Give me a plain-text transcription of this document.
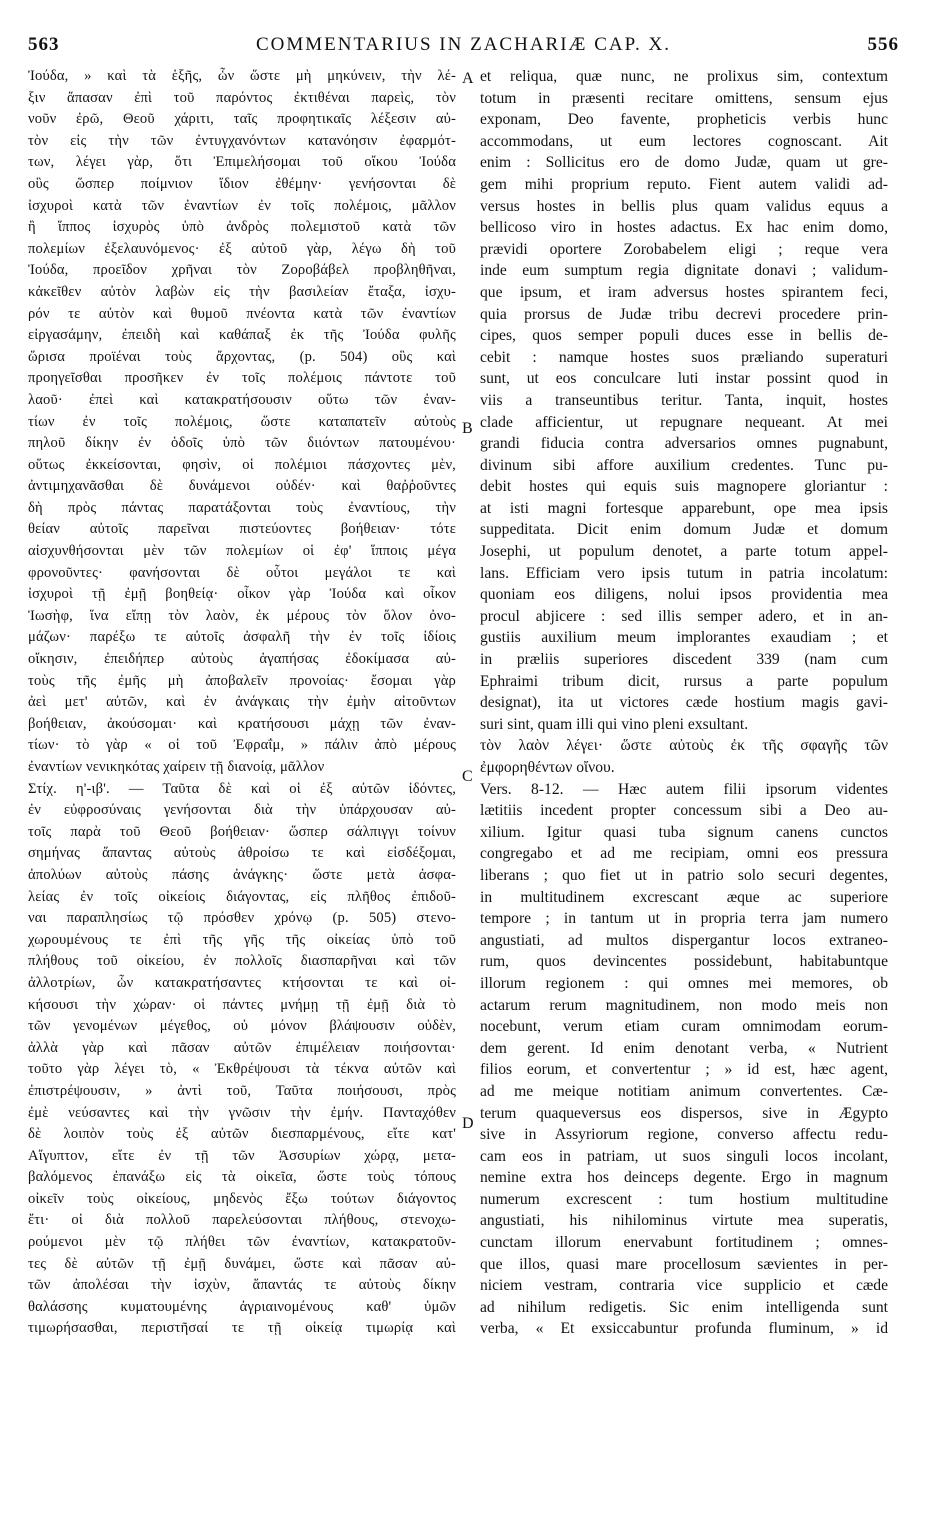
563	COMMENTARIUS IN ZACHARIÆ CAP. X.	556
Ἰούδα, » καὶ τὰ ἑξῆς, ὧν ὥστε μὴ μηκύνειν, τὴν λέ-
ξιν ἅπασαν ἐπὶ τοῦ παρόντος ἐκτιθέναι παρεὶς, τὸν
νοῦν ἐρῶ, Θεοῦ χάριτι, ταῖς προφητικαῖς λέξεσιν αὐ-
τὸν εἰς τὴν τῶν ἐντυγχανόντων κατανόησιν ἐφαρμότ-
των, λέγει γὰρ, ὅτι Ἐπιμελήσομαι τοῦ οἴκου Ἰούδα
οὓς ὥσπερ ποίμνιον ἴδιον ἐθέμην· γενήσονται δὲ
ἰσχυροὶ κατὰ τῶν ἐναντίων ἐν τοῖς πολέμοις, μᾶλλον
ἢ ἵππος ἰσχυρὸς ὑπὸ ἀνδρὸς πολεμιστοῦ κατὰ τῶν
πολεμίων ἐξελαυνόμενος· ἐξ αὐτοῦ γὰρ, λέγω δὴ τοῦ
Ἰούδα, προεῖδον χρῆναι τὸν Ζοροβάβελ προβληθῆναι,
κἀκεῖθεν αὐτὸν λαβὼν εἰς τὴν βασιλείαν ἔταξα, ἰσχυ-
ρόν τε αὐτὸν καὶ θυμοῦ πνέοντα κατὰ τῶν ἐναντίων
εἰργασάμην, ἐπειδὴ καὶ καθάπαξ ἐκ τῆς Ἰούδα φυλῆς
ὥρισα προϊέναι τοὺς ἄρχοντας, (p. 504) οὓς καὶ
προηγεῖσθαι προσῆκεν ἐν τοῖς πολέμοις πάντοτε τοῦ
λαοῦ· ἐπεὶ καὶ κατακρατήσουσιν οὕτω τῶν ἐναν-
τίων ἐν τοῖς πολέμοις, ὥστε καταπατεῖν αὐτοὺς
πηλοῦ δίκην ἐν ὁδοῖς ὑπὸ τῶν διιόντων πατουμένου·
οὕτως ἐκκείσονται, φησὶν, οἱ πολέμιοι πάσχοντες μὲν,
ἀντιμηχανᾶσθαι δὲ δυνάμενοι οὐδέν· καὶ θαῤῥοῦντες
δὴ πρὸς πάντας παρατάξονται τοὺς ἐναντίους, τὴν
θείαν αὐτοῖς παρεῖναι πιστεύοντες βοήθειαν· τότε
αἰσχυνθήσονται μὲν τῶν πολεμίων οἱ ἐφ' ἵπποις μέγα
φρονοῦντες· φανήσονται δὲ οὗτοι μεγάλοι τε καὶ
ἰσχυροὶ τῇ ἐμῇ βοηθείᾳ· οἶκον γὰρ Ἰούδα καὶ οἶκον
Ἰωσὴφ, ἵνα εἴπῃ τὸν λαὸν, ἐκ μέρους τὸν ὅλον ὀνο-
μάζων· παρέξω τε αὐτοῖς ἀσφαλῆ τὴν ἐν τοῖς ἰδίοις
οἴκησιν, ἐπειδήπερ αὐτοὺς ἀγαπήσας ἐδοκίμασα αὐ-
τοὺς τῆς ἐμῆς μὴ ἀποβαλεῖν προνοίας· ἔσομαι γὰρ
ἀεὶ μετ' αὐτῶν, καὶ ἐν ἀνάγκαις τὴν ἐμὴν αἰτοῦντων
βοήθειαν, ἀκούσομαι· καὶ κρατήσουσι μάχῃ τῶν ἐναν-
τίων· τὸ γὰρ « οἱ τοῦ Ἐφραΐμ, » πάλιν ἀπὸ μέρους
ἐναντίων νενικηκότας χαίρειν τῇ διανοίᾳ, μᾶλλον
Στίχ. η'-ιβ'. — Ταῦτα δὲ καὶ οἱ ἐξ αὐτῶν ἰδόντες,
ἐν εὐφροσύναις γενήσονται διὰ τὴν ὑπάρχουσαν αὐ-
τοῖς παρὰ τοῦ Θεοῦ βοήθειαν· ὥσπερ σάλπιγγι τοίνυν
σημήνας ἅπαντας αὐτοὺς ἀθροίσω τε καὶ εἰσδέξομαι,
ἀπολύων αὐτοὺς πάσης ἀνάγκης· ὥστε μετὰ ἀσφα-
λείας ἐν τοῖς οἰκείοις διάγοντας, εἰς πλῆθος ἐπιδοῦ-
ναι παραπλησίως τῷ πρόσθεν χρόνῳ (p. 505) στενο-
χωρουμένους τε ἐπὶ τῆς γῆς τῆς οἰκείας ὑπὸ τοῦ
πλήθους τοῦ οἰκείου, ἐν πολλοῖς διασπαρῆναι καὶ τῶν
ἀλλοτρίων, ὧν κατακρατήσαντες κτήσονται τε καὶ οἰ-
κήσουσι τὴν χώραν· οἱ πάντες μνήμῃ τῇ ἐμῇ διὰ τὸ
τῶν γενομένων μέγεθος, οὐ μόνον βλάψουσιν οὐδὲν,
ἀλλὰ γὰρ καὶ πᾶσαν αὐτῶν ἐπιμέλειαν ποιήσονται·
τοῦτο γὰρ λέγει τὸ, « Ἐκθρέψουσι τὰ τέκνα αὐτῶν καὶ
ἐπιστρέψουσιν, » ἀντὶ τοῦ, Ταῦτα ποιήσουσι, πρὸς
ἐμὲ νεύσαντες καὶ τὴν γνῶσιν τὴν ἐμήν. Πανταχόθεν
δὲ λοιπὸν τοὺς ἐξ αὐτῶν διεσπαρμένους, εἴτε κατ'
Αἴγυπτον, εἴτε ἐν τῇ τῶν Ἀσσυρίων χώρᾳ, μετα-
βαλόμενος ἐπανάξω εἰς τὰ οἰκεῖα, ὥστε τοὺς τόπους
οἰκεῖν τοὺς οἰκείους, μηδενὸς ἔξω τούτων διάγοντος
ἔτι· οἱ διὰ πολλοῦ παρελεύσονται πλήθους, στενοχω-
ρούμενοι μὲν τῷ πλήθει τῶν ἐναντίων, κατακρατοῦν-
τες δὲ αὐτῶν τῇ ἐμῇ δυνάμει, ὥστε καὶ πᾶσαν αὐ-
τῶν ἀπολέσαι τὴν ἰσχὺν, ἅπαντάς τε αὐτοὺς δίκην
θαλάσσης κυματουμένης ἀγριαινομένους καθ' ὑμῶν
τιμωρήσασθαι, περιστῆσαί τε τῇ οἰκείᾳ τιμωρίᾳ καὶ
et reliqua, quæ nunc, ne prolixus sim, contextum
totum in præsenti recitare omittens, sensum ejus
exponam, Deo favente, propheticis verbis hunc
accommodans, ut eum lectores cognoscant. Ait
enim : Sollicitus ero de domo Judæ, quam ut gre-
gem mihi proprium reputo. Fient autem validi ad-
versus hostes in bellis plus quam validus equus a
bellicoso viro in hostes adactus. Ex hac enim domo,
prævidi oportere Zorobabelem eligi ; reque vera
inde eum sumptum regia dignitate donavi ; validum-
que ipsum, et iram adversus hostes spirantem feci,
quia prorsus de Judæ tribu decrevi procedere prin-
cipes, quos semper populi duces esse in bellis de-
cebit : namque hostes suos præliando superaturi
sunt, ut eos conculcare luti instar possint quod in
viis a transeuntibus teritur. Tanta, inquit, hostes
clade afficientur, ut repugnare nequeant. At mei
grandi fiducia contra adversarios omnes pugnabunt,
divinum sibi affore auxilium credentes. Tunc pu-
debit hostes qui equis suis magnopere gloriantur :
at isti magni fortesque apparebunt, ope mea ipsis
suppeditata. Dicit enim domum Judæ et domum
Josephi, ut populum denotet, a parte totum appel-
lans. Efficiam vero ipsis tutum in patria incolatum:
quoniam eos diligens, nolui ipsos providentia mea
procul abjicere : sed illis semper adero, et in an-
gustiis auxilium meum implorantes exaudiam ; et
in præliis superiores discedent 339 (nam cum
Ephraimi tribum dicit, rursus a parte populum
designat), ita ut victores cæde hostium magis gavi-
suri sint, quam illi qui vino pleni exsultant.
τὸν λαὸν λέγει· ὥστε αὐτοὺς ἐκ τῆς σφαγῆς τῶν
ἐμφορηθέντων οἴνου.
Vers. 8-12. — Hæc autem filii ipsorum videntes
lætitiis incedent propter concessum sibi a Deo au-
xilium. Igitur quasi tuba signum canens cunctos
congregabo et ad me recipiam, omni eos pressura
liberans ; quo fiet ut in patrio solo securi degentes,
in multitudinem excrescant æque ac superiore
tempore ; in tantum ut in propria terra jam numero
angustiati, ad multos dispergantur locos extraneo-
rum, quos devincentes possidebunt, habitabuntque
illorum regionem : qui omnes mei memores, ob
actarum rerum magnitudinem, non modo meis non
nocebunt, verum etiam curam omnimodam eorum-
dem gerent. Id enim denotant verba, « Nutrient
filios eorum, et convertentur ; » id est, hæc agent,
ad me meique notitiam animum convertentes. Cæ-
terum quaqueversus eos dispersos, sive in Ægypto
sive in Assyriorum regione, converso affectu redu-
cam eos in patriam, ut suos singuli locos incolant,
nemine extra hos deinceps degente. Ergo in magnum
numerum excrescent : tum hostium multitudine
angustiati, his nihilominus virtute mea superatis,
cunctam illorum enervabunt fortitudinem ; omnes-
que illos, quasi mare procellosum sævientes in per-
niciem vestram, contraria vice supplicio et cæde
ad nihilum redigetis. Sic enim intelligenda sunt
verba, « Et exsiccabuntur profunda fluminum, » id
A
B
C
D
